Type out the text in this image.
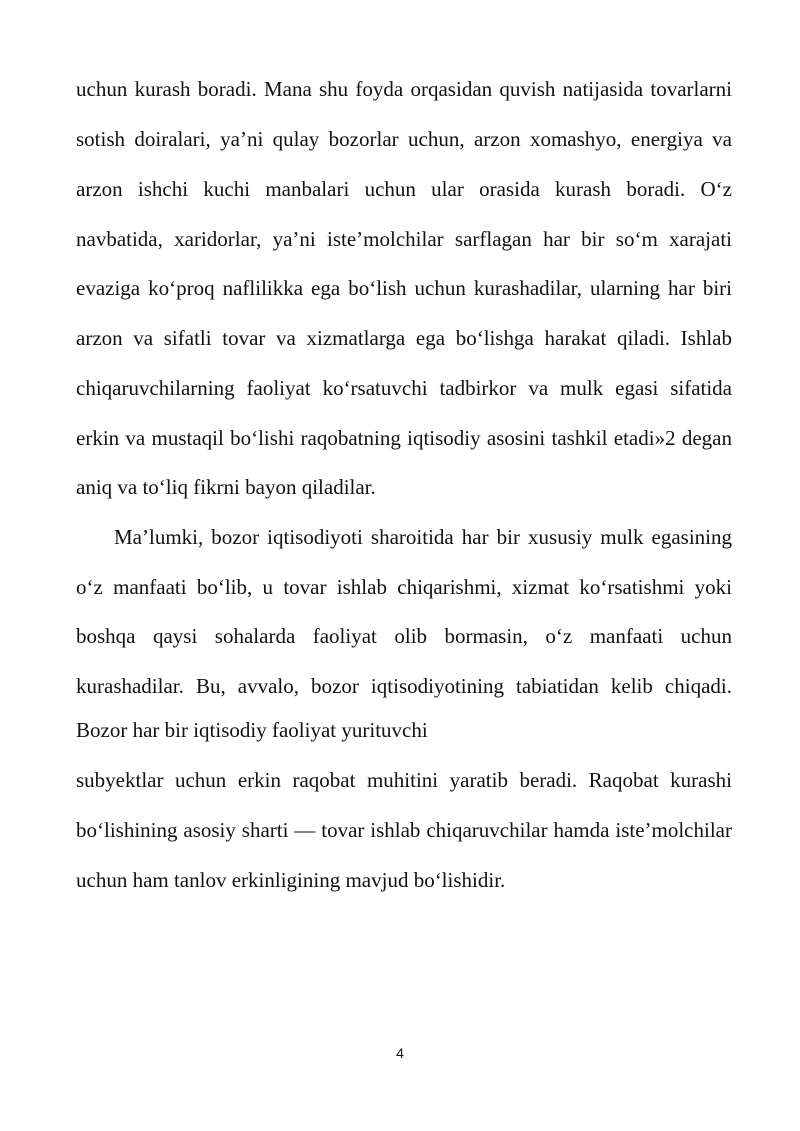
uchun kurash boradi. Mana shu foyda orqasidan quvish natijasida tovarlarni
sotish doiralari, ya’ni qulay bozorlar uchun, arzon xomashyo, energiya va
arzon ishchi kuchi manbalari uchun ular orasida kurash boradi. O‘z
navbatida, xaridorlar, ya’ni iste’molchilar sarflagan har bir so‘m xarajati
evaziga ko‘proq naflilikka ega bo‘lish uchun kurashadilar, ularning har biri
arzon va sifatli tovar va xizmatlarga ega bo‘lishga harakat qiladi. Ishlab
chiqaruvchilarning faoliyat ko‘rsatuvchi tadbirkor va mulk egasi sifatida
erkin va mustaqil bo‘lishi raqobatning iqtisodiy asosini tashkil etadi»2 degan
aniq va to‘liq fikrni bayon qiladilar.
Ma’lumki, bozor iqtisodiyoti sharoitida har bir xususiy mulk egasining
o‘z manfaati bo‘lib, u tovar ishlab chiqarishmi, xizmat ko‘rsatishmi yoki
boshqa qaysi sohalarda faoliyat olib bormasin, o‘z manfaati uchun
kurashadilar. Bu, avvalo, bozor iqtisodiyotining tabiatidan kelib chiqadi.
Bozor har bir iqtisodiy faoliyat yurituvchi
subyektlar uchun erkin raqobat muhitini yaratib beradi. Raqobat kurashi
bo‘lishining asosiy sharti — tovar ishlab chiqaruvchilar hamda iste’molchilar
uchun ham tanlov erkinligining mavjud bo‘lishidir.
4
